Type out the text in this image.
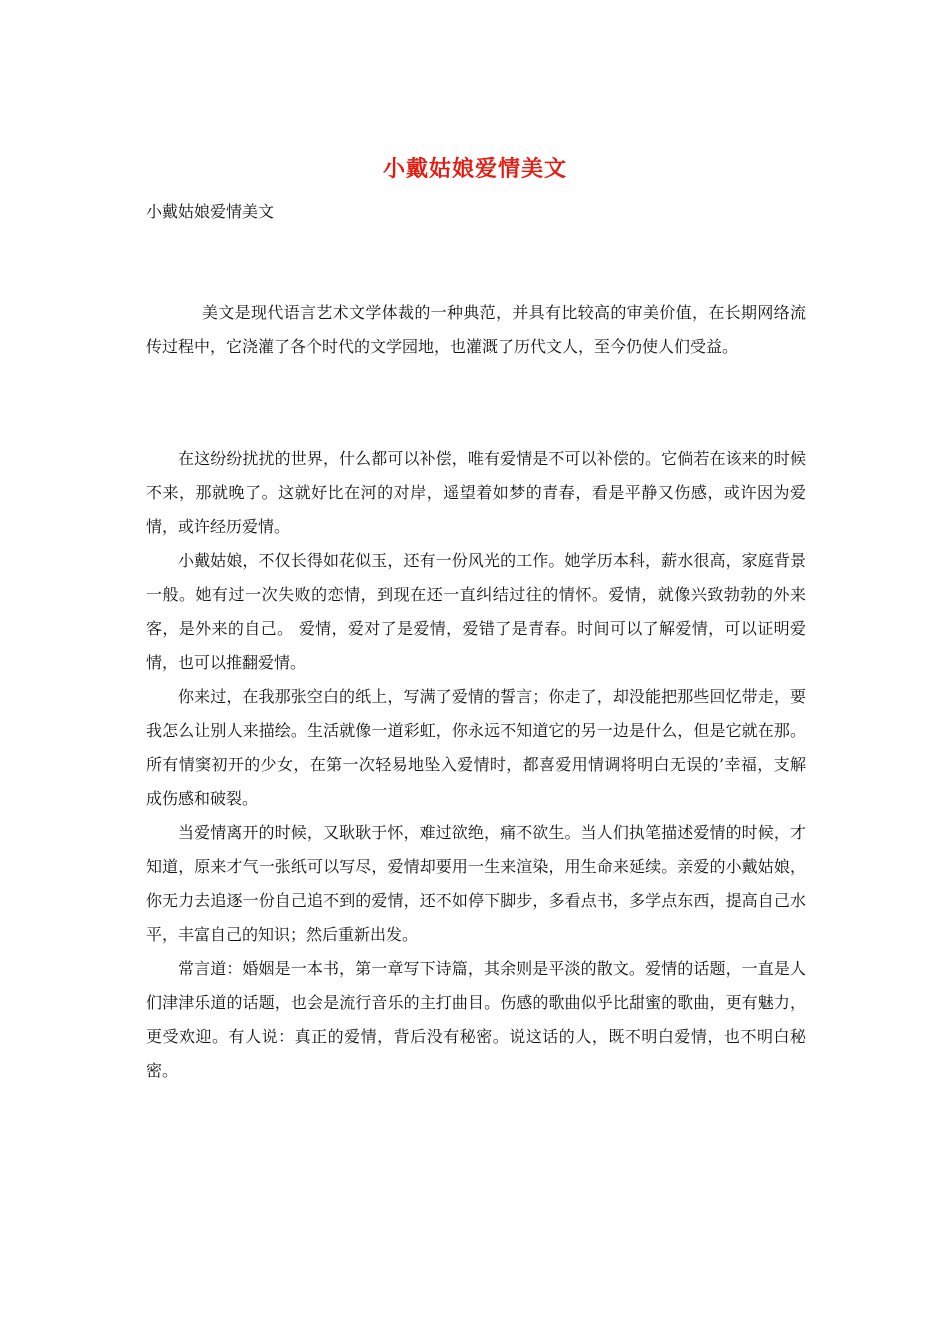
小戴姑娘爱情美文
小戴姑娘爱情美文

美文是现代语言艺术文学体裁的一种典范，并具有比较高的审美价值，在长期网络流传过程中，它浇灌了各个时代的文学园地，也灌溉了历代文人，至今仍使人们受益。

在这纷纷扰扰的世界，什么都可以补偿，唯有爱情是不可以补偿的。它倘若在该来的时候不来，那就晚了。这就好比在河的对岸，遥望着如梦的青春，看是平静又伤感，或许因为爱情，或许经历爱情。

小戴姑娘，不仅长得如花似玉，还有一份风光的工作。她学历本科，薪水很高，家庭背景一般。她有过一次失败的恋情，到现在还一直纠结过往的情怀。爱情，就像兴致勃勃的外来客，是外来的自己。 爱情，爱对了是爱情，爱错了是青春。时间可以了解爱情，可以证明爱情，也可以推翻爱情。

你来过，在我那张空白的纸上，写满了爱情的誓言；你走了，却没能把那些回忆带走，要我怎么让别人来描绘。生活就像一道彩虹，你永远不知道它的另一边是什么，但是它就在那。 所有情窦初开的少女，在第一次轻易地坠入爱情时，都喜爱用情调将明白无误的’幸福，支解成伤感和破裂。

当爱情离开的时候，又耿耿于怀，难过欲绝，痛不欲生。当人们执笔描述爱情的时候，才知道，原来才气一张纸可以写尽，爱情却要用一生来渲染，用生命来延续。亲爱的小戴姑娘，你无力去追逐一份自己追不到的爱情，还不如停下脚步，多看点书，多学点东西，提高自己水平，丰富自己的知识；然后重新出发。

常言道：婚姻是一本书，第一章写下诗篇，其余则是平淡的散文。爱情的话题，一直是人们津津乐道的话题，也会是流行音乐的主打曲目。伤感的歌曲似乎比甜蜜的歌曲，更有魅力，更受欢迎。有人说：真正的爱情，背后没有秘密。说这话的人，既不明白爱情，也不明白秘密。
